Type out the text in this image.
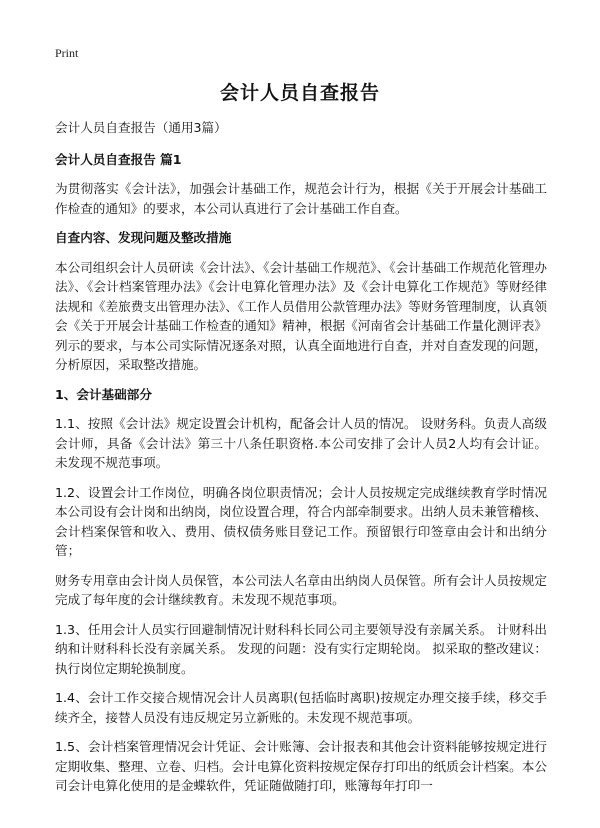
Print
会计人员自查报告

会计人员自查报告（通用3篇）

会计人员自查报告 篇1

为贯彻落实《会计法》，加强会计基础工作，规范会计行为，根据《关于开展会计基础工作检查的通知》的要求，本公司认真进行了会计基础工作自查。

自查内容、发现问题及整改措施

本公司组织会计人员研读《会计法》、《会计基础工作规范》、《会计基础工作规范化管理办法》、《会计档案管理办法》《会计电算化管理办法》及《会计电算化工作规范》等财经律法规和《差旅费支出管理办法》、《工作人员借用公款管理办法》等财务管理制度，认真领会《关于开展会计基础工作检查的通知》精神，根据《河南省会计基础工作量化测评表》列示的要求，与本公司实际情况逐条对照，认真全面地进行自查，并对自查发现的问题，分析原因，采取整改措施。

1、会计基础部分

1.1、按照《会计法》规定设置会计机构，配备会计人员的情况。 设财务科。负责人高级会计师，具备《会计法》第三十八条任职资格.本公司安排了会计人员2人均有会计证。 未发现不规范事项。

1.2、设置会计工作岗位，明确各岗位职责情况；会计人员按规定完成继续教育学时情况本公司设有会计岗和出纳岗，岗位设置合理，符合内部牵制要求。出纳人员未兼管稽核、会计档案保管和收入、费用、债权债务账目登记工作。预留银行印签章由会计和出纳分管；

财务专用章由会计岗人员保管，本公司法人名章由出纳岗人员保管。所有会计人员按规定完成了每年度的会计继续教育。未发现不规范事项。

1.3、任用会计人员实行回避制情况计财科科长同公司主要领导没有亲属关系。 计财科出纳和计财科科长没有亲属关系。 发现的问题：没有实行定期轮岗。 拟采取的整改建议：执行岗位定期轮换制度。

1.4、会计工作交接合规情况会计人员离职(包括临时离职)按规定办理交接手续，移交手续齐全，接替人员没有违反规定另立新账的。未发现不规范事项。

1.5、会计档案管理情况会计凭证、会计账簿、会计报表和其他会计资料能够按规定进行定期收集、整理、立卷、归档。会计电算化资料按规定保存打印出的纸质会计档案。本公司会计电算化使用的是金蝶软件，凭证随做随打印，账簿每年打印一
